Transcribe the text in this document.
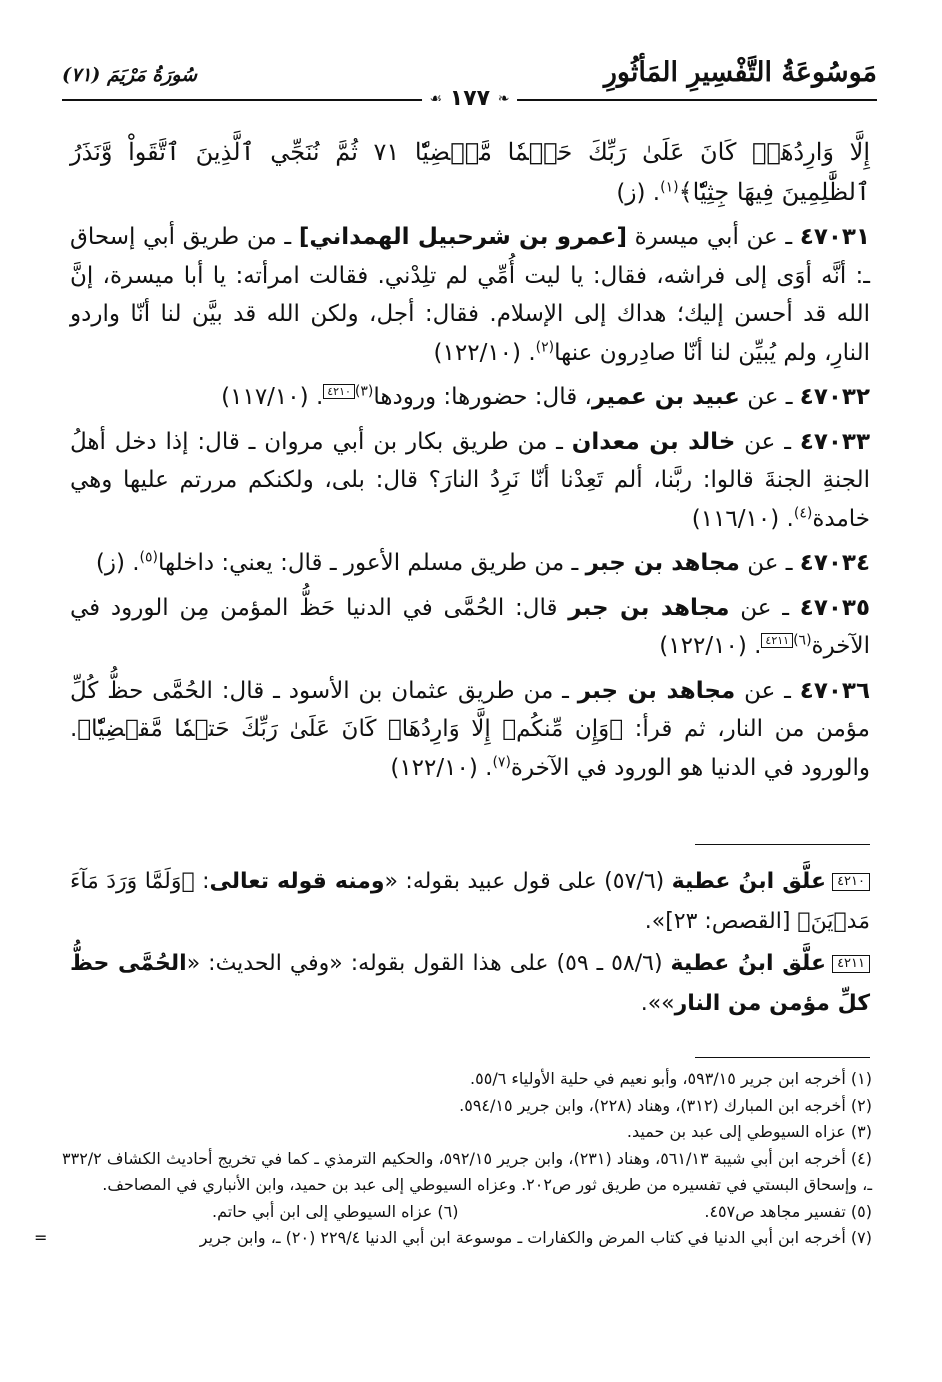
مَوسُوعَةُ التَّفْسِيرِ المَأثُورِ
سُورَةُ مَرْيَمَ (٧١)
❧ ١٧٧ ☙

إِلَّا وَارِدُهَاۚ كَانَ عَلَىٰ رَبِّكَ حَتۡمٗا مَّقۡضِيّٗا ٧١ ثُمَّ نُنَجِّي ٱلَّذِينَ ٱتَّقَواْ وَّنَذَرُ ٱلظَّٰلِمِينَ فِيهَا جِثِيّٗا﴾$^{(١)}$. (ز)

٤٧٠٣١ ـ عن أبي ميسرة [عمرو بن شرحبيل الهمداني] ـ من طريق أبي إسحاق ـ: أنَّه أوَى إلى فراشه، فقال: يا ليت أُمِّي لم تلِدْني. فقالت امرأته: يا أبا ميسرة، إنَّ الله قد أحسن إليك؛ هداك إلى الإسلام. فقال: أجل، ولكن الله قد بيَّن لنا أنّا واردو النارِ، ولم يُبيِّن لنا أنّا صادِرون عنها$^{(٢)}$. (١٢٢/١٠)

٤٧٠٣٢ ـ عن عبيد بن عمير، قال: حضورها: ورودها$^{(٣)}$٤٢١٠. (١١٧/١٠)

٤٧٠٣٣ ـ عن خالد بن معدان ـ من طريق بكار بن أبي مروان ـ قال: إذا دخل أهلُ الجنةِ الجنةَ قالوا: ربَّنا، ألم تَعِدْنا أنّا نَرِدُ النارَ؟ قال: بلى، ولكنكم مررتم عليها وهي خامدة$^{(٤)}$. (١١٦/١٠)

٤٧٠٣٤ ـ عن مجاهد بن جبر ـ من طريق مسلم الأعور ـ قال: يعني: داخلها$^{(٥)}$. (ز)

٤٧٠٣٥ ـ عن مجاهد بن جبر قال: الحُمَّى في الدنيا حَظُّ المؤمن مِن الورود في الآخرة$^{(٦)}$٤٢١١. (١٢٢/١٠)

٤٧٠٣٦ ـ عن مجاهد بن جبر ـ من طريق عثمان بن الأسود ـ قال: الحُمَّى حظُّ كُلِّ مؤمن من النار، ثم قرأ: ﴿وَإِن مِّنكُمۡ إِلَّا وَارِدُهَاۚ كَانَ عَلَىٰ رَبِّكَ حَتۡمٗا مَّقۡضِيّٗا﴾. والورود في الدنيا هو الورود في الآخرة$^{(٧)}$. (١٢٢/١٠)

٤٢١٠علَّق ابنُ عطية (٥٧/٦) على قول عبيد بقوله: «ومنه قوله تعالى: ﴿وَلَمَّا وَرَدَ مَآءَ مَدۡيَنَ﴾ [القصص: ٢٣]».

٤٢١١علَّق ابنُ عطية (٥٨/٦ ـ ٥٩) على هذا القول بقوله: «وفي الحديث: «الحُمَّى حظُّ كلِّ مؤمن من النار»».

(١) أخرجه ابن جرير ٥٩٣/١٥، وأبو نعيم في حلية الأولياء ٥٥/٦.

(٢) أخرجه ابن المبارك (٣١٢)، وهناد (٢٢٨)، وابن جرير ٥٩٤/١٥.

(٣) عزاه السيوطي إلى عبد بن حميد.

(٤) أخرجه ابن أبي شيبة ٥٦١/١٣، وهناد (٢٣١)، وابن جرير ٥٩٢/١٥، والحكيم الترمذي ـ كما في تخريج أحاديث الكشاف ٣٣٢/٢ ـ، وإسحاق البستي في تفسيره من طريق ثور ص٢٠٢. وعزاه السيوطي إلى عبد بن حميد، وابن الأنباري في المصاحف.

(٥) تفسير مجاهد ص٤٥٧.
(٦) عزاه السيوطي إلى ابن أبي حاتم.

(٧) أخرجه ابن أبي الدنيا في كتاب المرض والكفارات ـ موسوعة ابن أبي الدنيا ٢٢٩/٤ (٢٠) ـ، وابن جرير
=
